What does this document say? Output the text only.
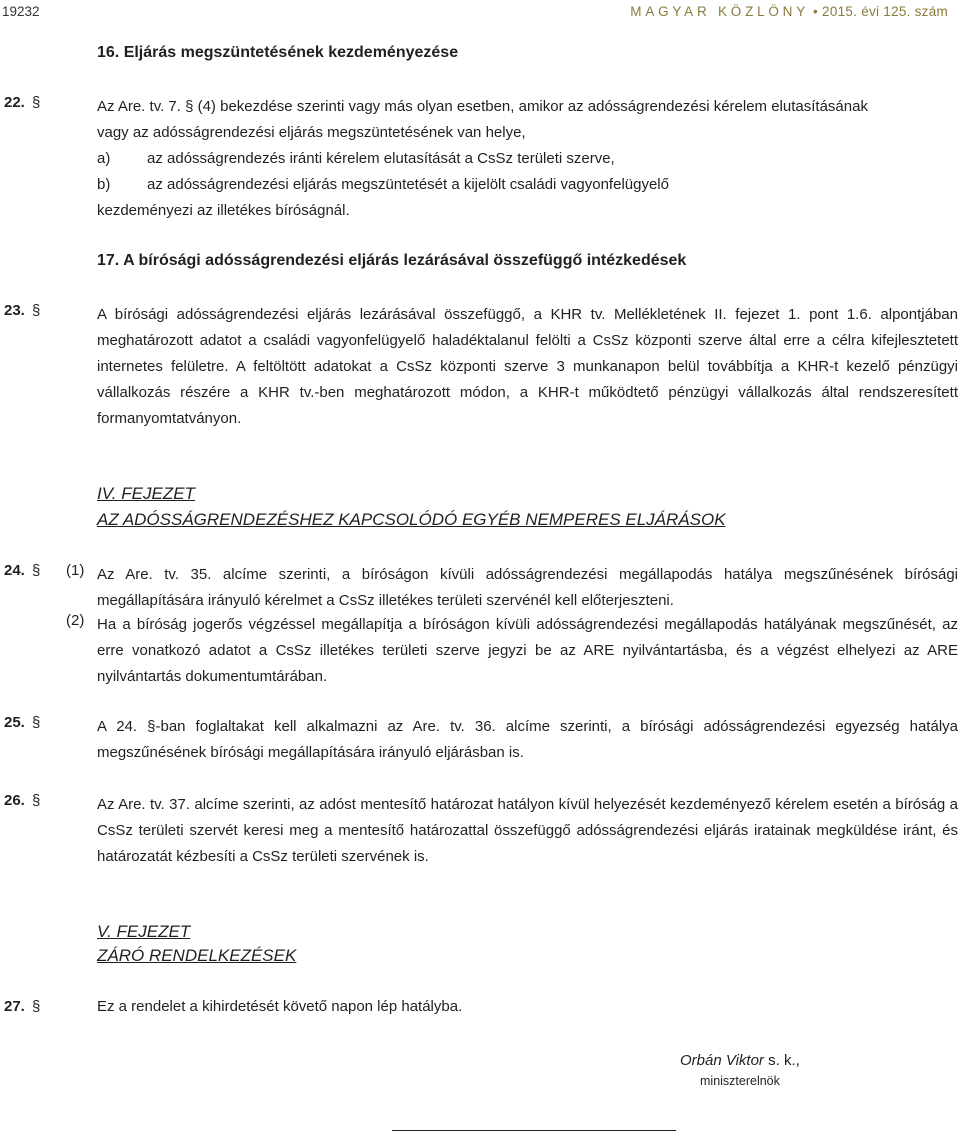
19232	MAGYAR KÖZLÖNY • 2015. évi 125. szám
16. Eljárás megszüntetésének kezdeményezése
22. §	Az Are. tv. 7. § (4) bekezdése szerinti vagy más olyan esetben, amikor az adósságrendezési kérelem elutasításának
vagy az adósságrendezési eljárás megszüntetésének van helye,
a) az adósságrendezés iránti kérelem elutasítását a CsSz területi szerve,
b) az adósságrendezési eljárás megszüntetését a kijelölt családi vagyonfelügyelő
kezdeményezi az illetékes bíróságnál.
17. A bírósági adósságrendezési eljárás lezárásával összefüggő intézkedések
23. §	A bírósági adósságrendezési eljárás lezárásával összefüggő, a KHR tv. Mellékletének II. fejezet 1. pont 1.6. alpontjában meghatározott adatot a családi vagyonfelügyelő haladéktalanul felölti a CsSz központi szerve által erre a célra kifejlesztetett internetes felületre. A feltöltött adatokat a CsSz központi szerve 3 munkanapon belül továbbítja a KHR-t kezelő pénzügyi vállalkozás részére a KHR tv.-ben meghatározott módon, a KHR-t működtető pénzügyi vállalkozás által rendszeresített formanyomtatványon.
IV. FEJEZET
AZ ADÓSSÁGRENDEZÉSHEZ KAPCSOLÓDÓ EGYÉB NEMPERES ELJÁRÁSOK
24. § (1) Az Are. tv. 35. alcíme szerinti, a bíróságon kívüli adósságrendezési megállapodás hatálya megszűnésének bírósági megállapítására irányuló kérelmet a CsSz illetékes területi szervénél kell előterjeszteni.
(2) Ha a bíróság jogerős végzéssel megállapítja a bíróságon kívüli adósságrendezési megállapodás hatályának megszűnését, az erre vonatkozó adatot a CsSz illetékes területi szerve jegyzi be az ARE nyilvántartásba, és a végzést elhelyezi az ARE nyilvántartás dokumentumtárában.
25. §	A 24. §-ban foglaltakat kell alkalmazni az Are. tv. 36. alcíme szerinti, a bírósági adósságrendezési egyezség hatálya megszűnésének bírósági megállapítására irányuló eljárásban is.
26. §	Az Are. tv. 37. alcíme szerinti, az adóst mentesítő határozat hatályon kívül helyezését kezdeményező kérelem esetén a bíróság a CsSz területi szervét keresi meg a mentesítő határozattal összefüggő adósságrendezési eljárás iratainak megküldése iránt, és határozatát kézbesíti a CsSz területi szervének is.
V. FEJEZET
ZÁRÓ RENDELKEZÉSEK
27. §	Ez a rendelet a kihirdetését követő napon lép hatályba.
Orbán Viktor s. k.,
miniszterelnök
